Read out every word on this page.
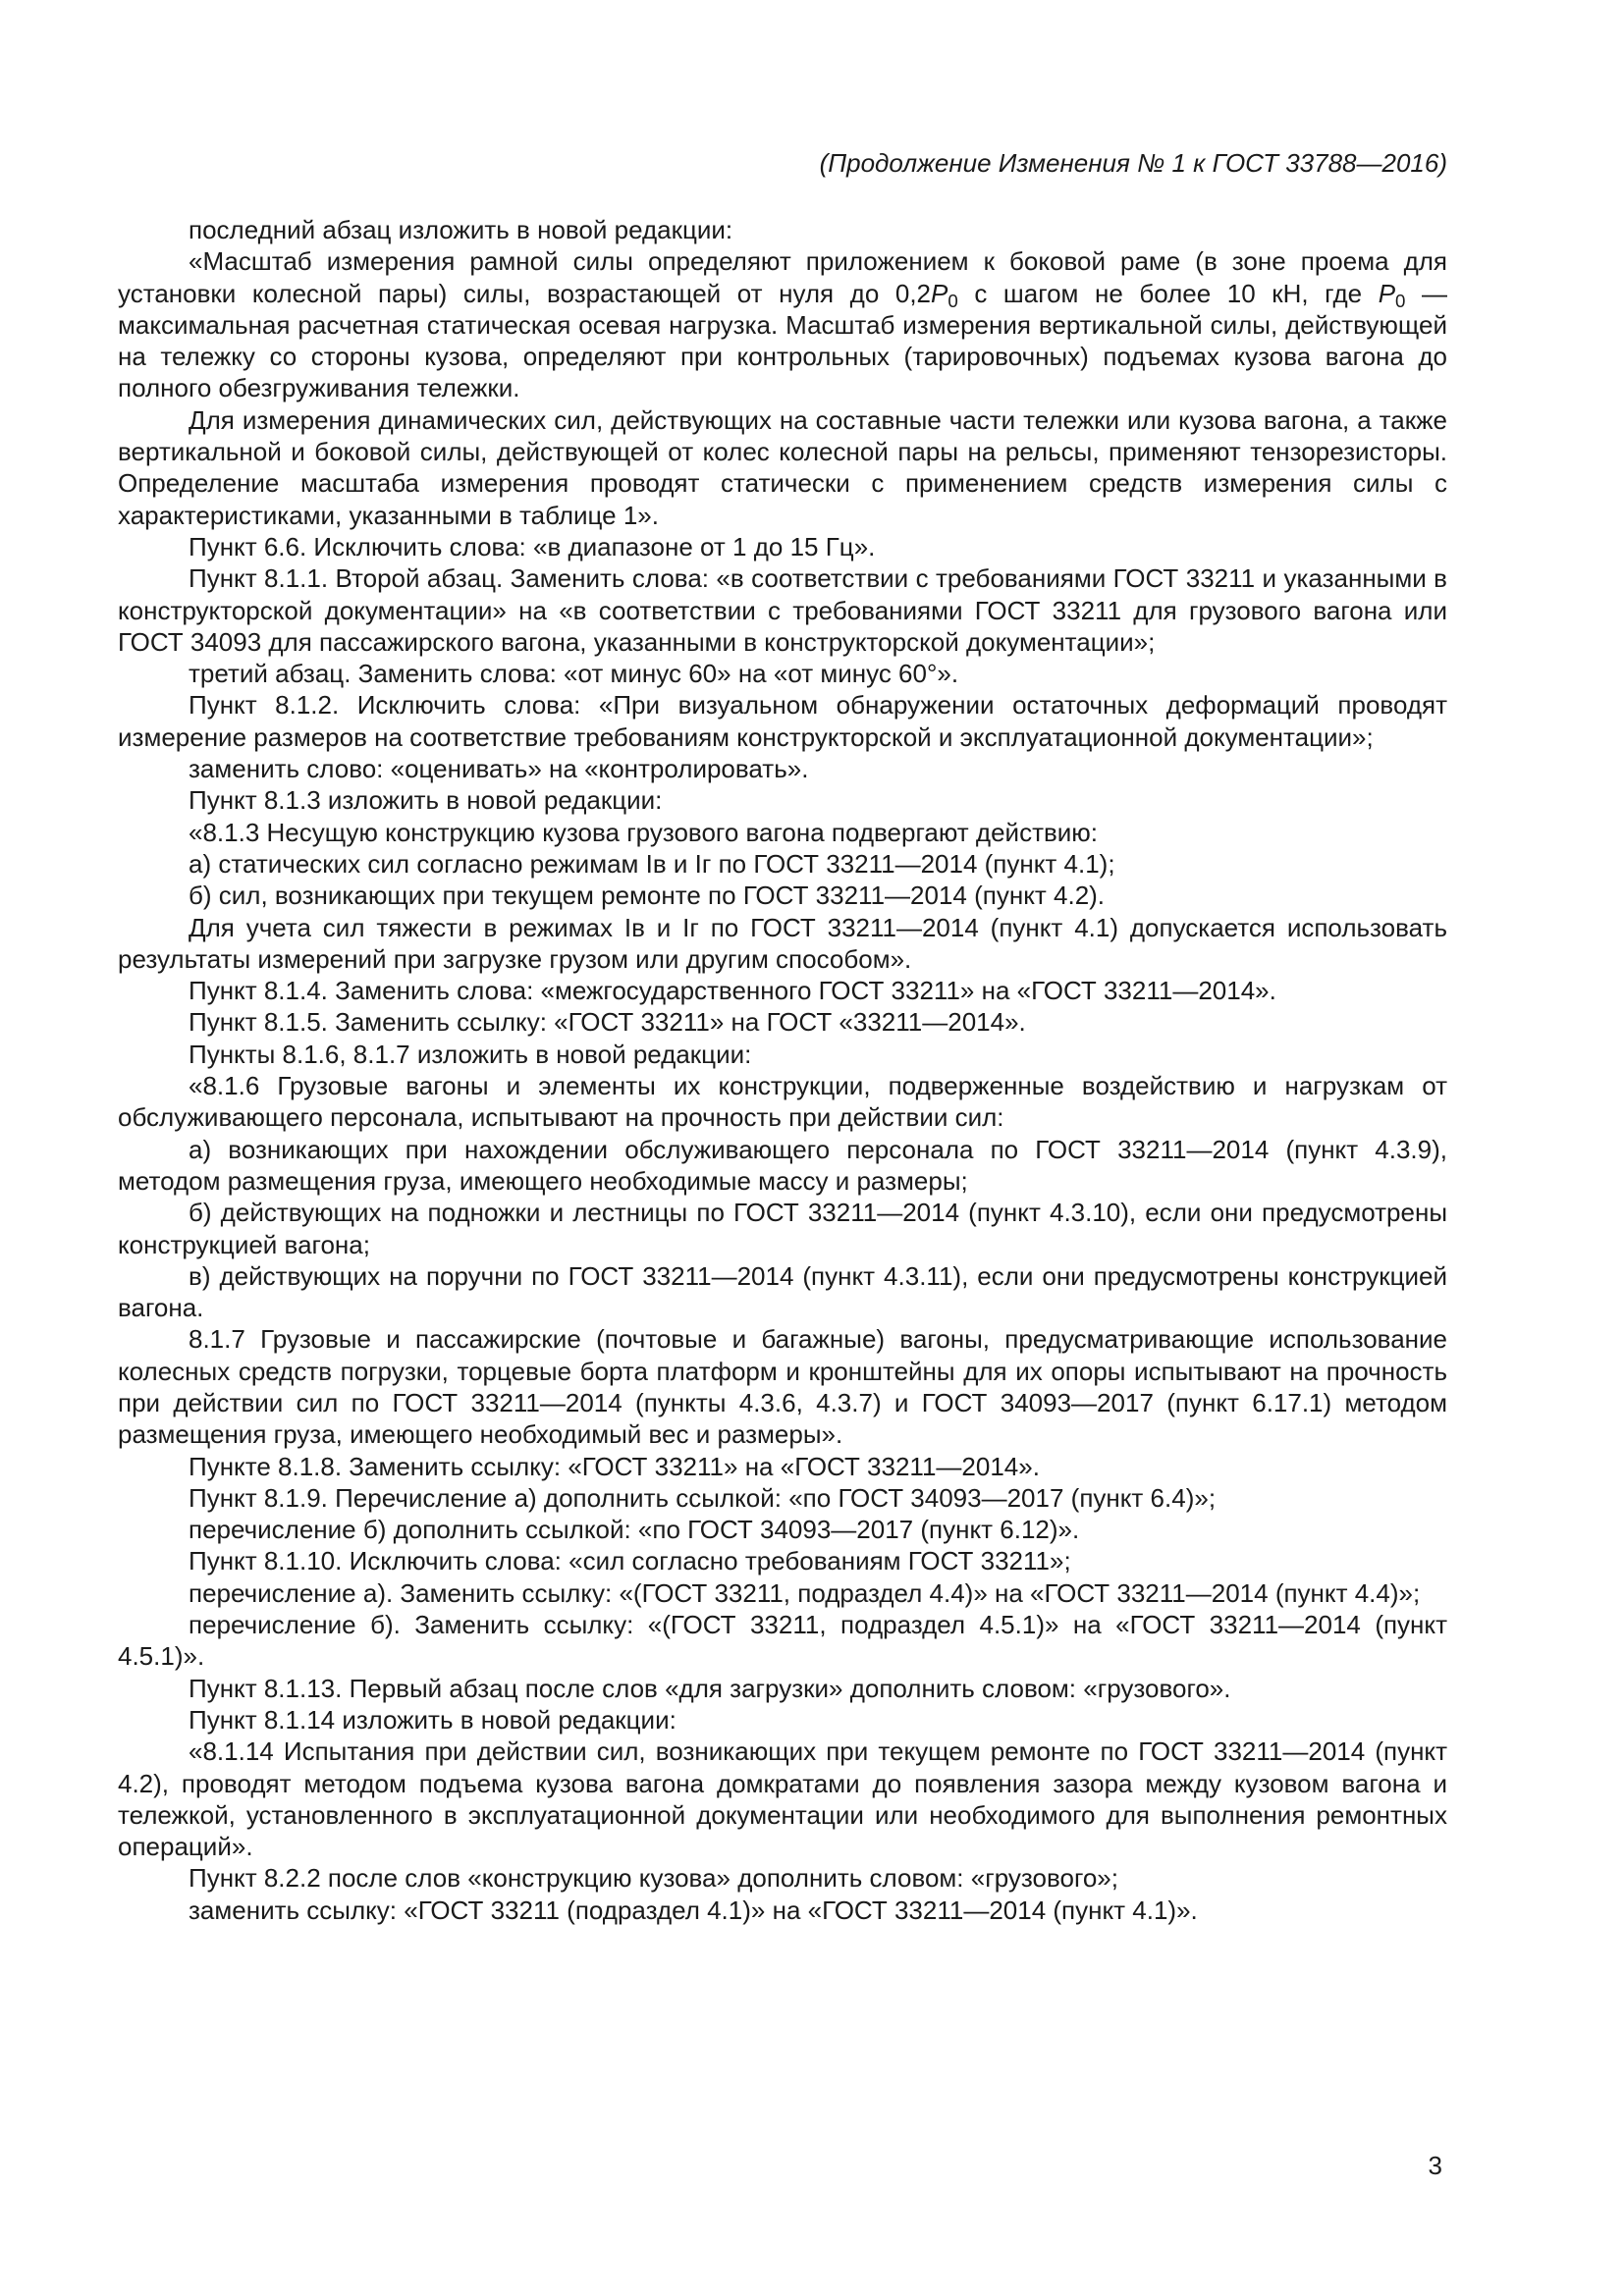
(Продолжение Изменения № 1 к ГОСТ 33788—2016)

последний абзац изложить в новой редакции:

«Масштаб измерения рамной силы определяют приложением к боковой раме (в зоне проема для установки колесной пары) силы, возрастающей от нуля до $0,2P_0$ с шагом не более 10 кН, где $P_0$ — максимальная расчетная статическая осевая нагрузка. Масштаб измерения вертикальной силы, действующей на тележку со стороны кузова, определяют при контрольных (тарировочных) подъемах кузова вагона до полного обезгруживания тележки.

Для измерения динамических сил, действующих на составные части тележки или кузова вагона, а также вертикальной и боковой силы, действующей от колес колесной пары на рельсы, применяют тензорезисторы. Определение масштаба измерения проводят статически с применением средств измерения силы с характеристиками, указанными в таблице 1».

Пункт 6.6. Исключить слова: «в диапазоне от 1 до 15 Гц».

Пункт 8.1.1. Второй абзац. Заменить слова: «в соответствии с требованиями ГОСТ 33211 и указанными в конструкторской документации» на «в соответствии с требованиями ГОСТ 33211 для грузового вагона или ГОСТ 34093 для пассажирского вагона, указанными в конструкторской документации»;

третий абзац. Заменить слова: «от минус 60» на «от минус 60°».

Пункт 8.1.2. Исключить слова: «При визуальном обнаружении остаточных деформаций проводят измерение размеров на соответствие требованиям конструкторской и эксплуатационной документации»;

заменить слово: «оценивать» на «контролировать».

Пункт 8.1.3 изложить в новой редакции:

«8.1.3 Несущую конструкцию кузова грузового вагона подвергают действию:

а) статических сил согласно режимам Iв и Iг по ГОСТ 33211—2014 (пункт 4.1);

б) сил, возникающих при текущем ремонте по ГОСТ 33211—2014 (пункт 4.2).

Для учета сил тяжести в режимах Iв и Iг по ГОСТ 33211—2014 (пункт 4.1) допускается использовать результаты измерений при загрузке грузом или другим способом».

Пункт 8.1.4. Заменить слова: «межгосударственного ГОСТ 33211» на «ГОСТ 33211—2014».

Пункт 8.1.5. Заменить ссылку: «ГОСТ 33211» на ГОСТ «33211—2014».

Пункты 8.1.6, 8.1.7 изложить в новой редакции:

«8.1.6 Грузовые вагоны и элементы их конструкции, подверженные воздействию и нагрузкам от обслуживающего персонала, испытывают на прочность при действии сил:

а) возникающих при нахождении обслуживающего персонала по ГОСТ 33211—2014 (пункт 4.3.9), методом размещения груза, имеющего необходимые массу и размеры;

б) действующих на подножки и лестницы по ГОСТ 33211—2014 (пункт 4.3.10), если они предусмотрены конструкцией вагона;

в) действующих на поручни по ГОСТ 33211—2014 (пункт 4.3.11), если они предусмотрены конструкцией вагона.

8.1.7 Грузовые и пассажирские (почтовые и багажные) вагоны, предусматривающие использование колесных средств погрузки, торцевые борта платформ и кронштейны для их опоры испытывают на прочность при действии сил по ГОСТ 33211—2014 (пункты 4.3.6, 4.3.7) и ГОСТ 34093—2017 (пункт 6.17.1) методом размещения груза, имеющего необходимый вес и размеры».

Пункте 8.1.8. Заменить ссылку: «ГОСТ 33211» на «ГОСТ 33211—2014».

Пункт 8.1.9. Перечисление а) дополнить ссылкой: «по ГОСТ 34093—2017 (пункт 6.4)»;

перечисление б) дополнить ссылкой: «по ГОСТ 34093—2017 (пункт 6.12)».

Пункт 8.1.10. Исключить слова: «сил согласно требованиям ГОСТ 33211»;

перечисление а). Заменить ссылку: «(ГОСТ 33211, подраздел 4.4)» на «ГОСТ 33211—2014 (пункт 4.4)»;

перечисление б). Заменить ссылку: «(ГОСТ 33211, подраздел 4.5.1)» на «ГОСТ 33211—2014 (пункт 4.5.1)».

Пункт 8.1.13. Первый абзац после слов «для загрузки» дополнить словом: «грузового».

Пункт 8.1.14 изложить в новой редакции:

«8.1.14 Испытания при действии сил, возникающих при текущем ремонте по ГОСТ 33211—2014 (пункт 4.2), проводят методом подъема кузова вагона домкратами до появления зазора между кузовом вагона и тележкой, установленного в эксплуатационной документации или необходимого для выполнения ремонтных операций».

Пункт 8.2.2 после слов «конструкцию кузова» дополнить словом: «грузового»;

заменить ссылку: «ГОСТ 33211 (подраздел 4.1)» на «ГОСТ 33211—2014 (пункт 4.1)».

3
